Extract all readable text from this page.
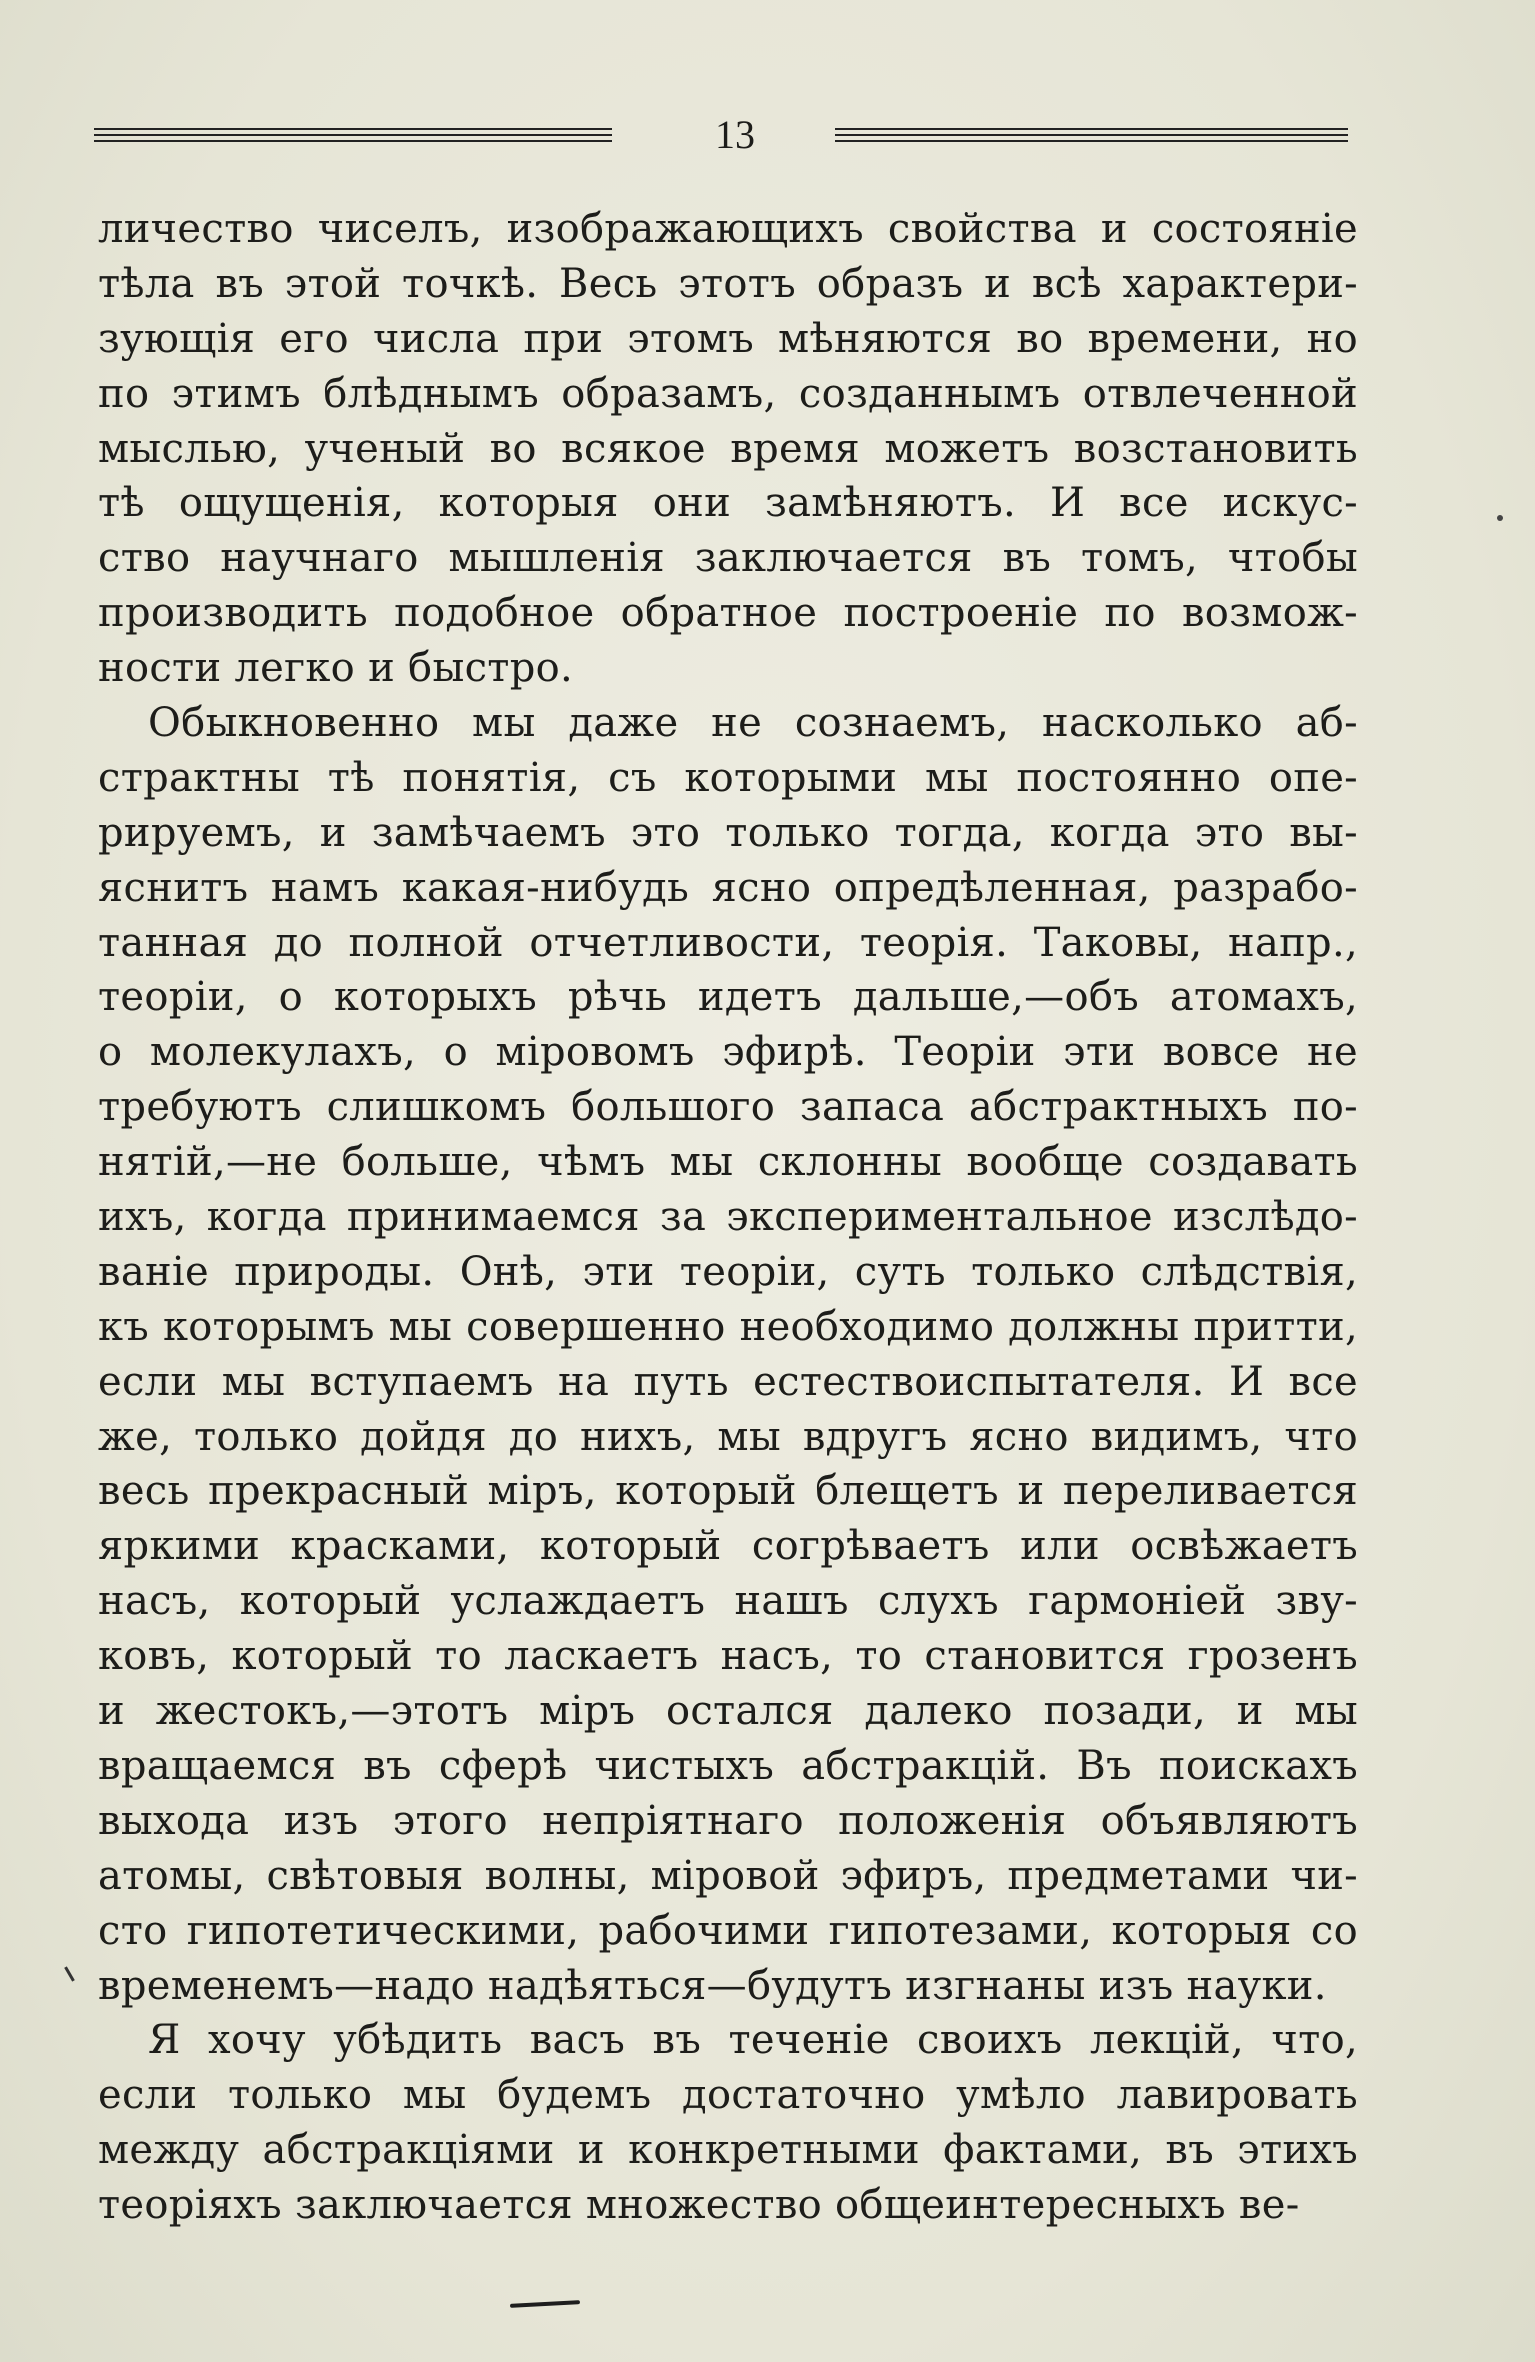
13
личество чиселъ, изображающихъ свойства и состояніе
тѣла въ этой точкѣ. Весь этотъ образъ и всѣ характери-
зующія его числа при этомъ мѣняются во времени, но
по этимъ блѣднымъ образамъ, созданнымъ отвлеченной
мыслью, ученый во всякое время можетъ возстановить
тѣ ощущенія, которыя они замѣняютъ. И все искус-
ство научнаго мышленія заключается въ томъ, чтобы
производить подобное обратное построеніе по возмож-
ности легко и быстро.
Обыкновенно мы даже не сознаемъ, насколько аб-
страктны тѣ понятія, съ которыми мы постоянно опе-
рируемъ, и замѣчаемъ это только тогда, когда это вы-
яснитъ намъ какая-нибудь ясно опредѣленная, разрабо-
танная до полной отчетливости, теорія. Таковы, напр.,
теоріи, о которыхъ рѣчь идетъ дальше,—объ атомахъ,
о молекулахъ, о міровомъ эфирѣ. Теоріи эти вовсе не
требуютъ слишкомъ большого запаса абстрактныхъ по-
нятій,—не больше, чѣмъ мы склонны вообще создавать
ихъ, когда принимаемся за экспериментальное изслѣдо-
ваніе природы. Онѣ, эти теоріи, суть только слѣдствія,
къ которымъ мы совершенно необходимо должны притти,
если мы вступаемъ на путь естествоиспытателя. И все
же, только дойдя до нихъ, мы вдругъ ясно видимъ, что
весь прекрасный міръ, который блещетъ и переливается
яркими красками, который согрѣваетъ или освѣжаетъ
насъ, который услаждаетъ нашъ слухъ гармоніей зву-
ковъ, который то ласкаетъ насъ, то становится грозенъ
и жестокъ,—этотъ міръ остался далеко позади, и мы
вращаемся въ сферѣ чистыхъ абстракцій. Въ поискахъ
выхода изъ этого непріятнаго положенія объявляютъ
атомы, свѣтовыя волны, міровой эфиръ, предметами чи-
сто гипотетическими, рабочими гипотезами, которыя со
временемъ—надо надѣяться—будутъ изгнаны изъ науки.
Я хочу убѣдить васъ въ теченіе своихъ лекцій, что,
если только мы будемъ достаточно умѣло лавировать
между абстракціями и конкретными фактами, въ этихъ
теоріяхъ заключается множество общеинтересныхъ ве-
